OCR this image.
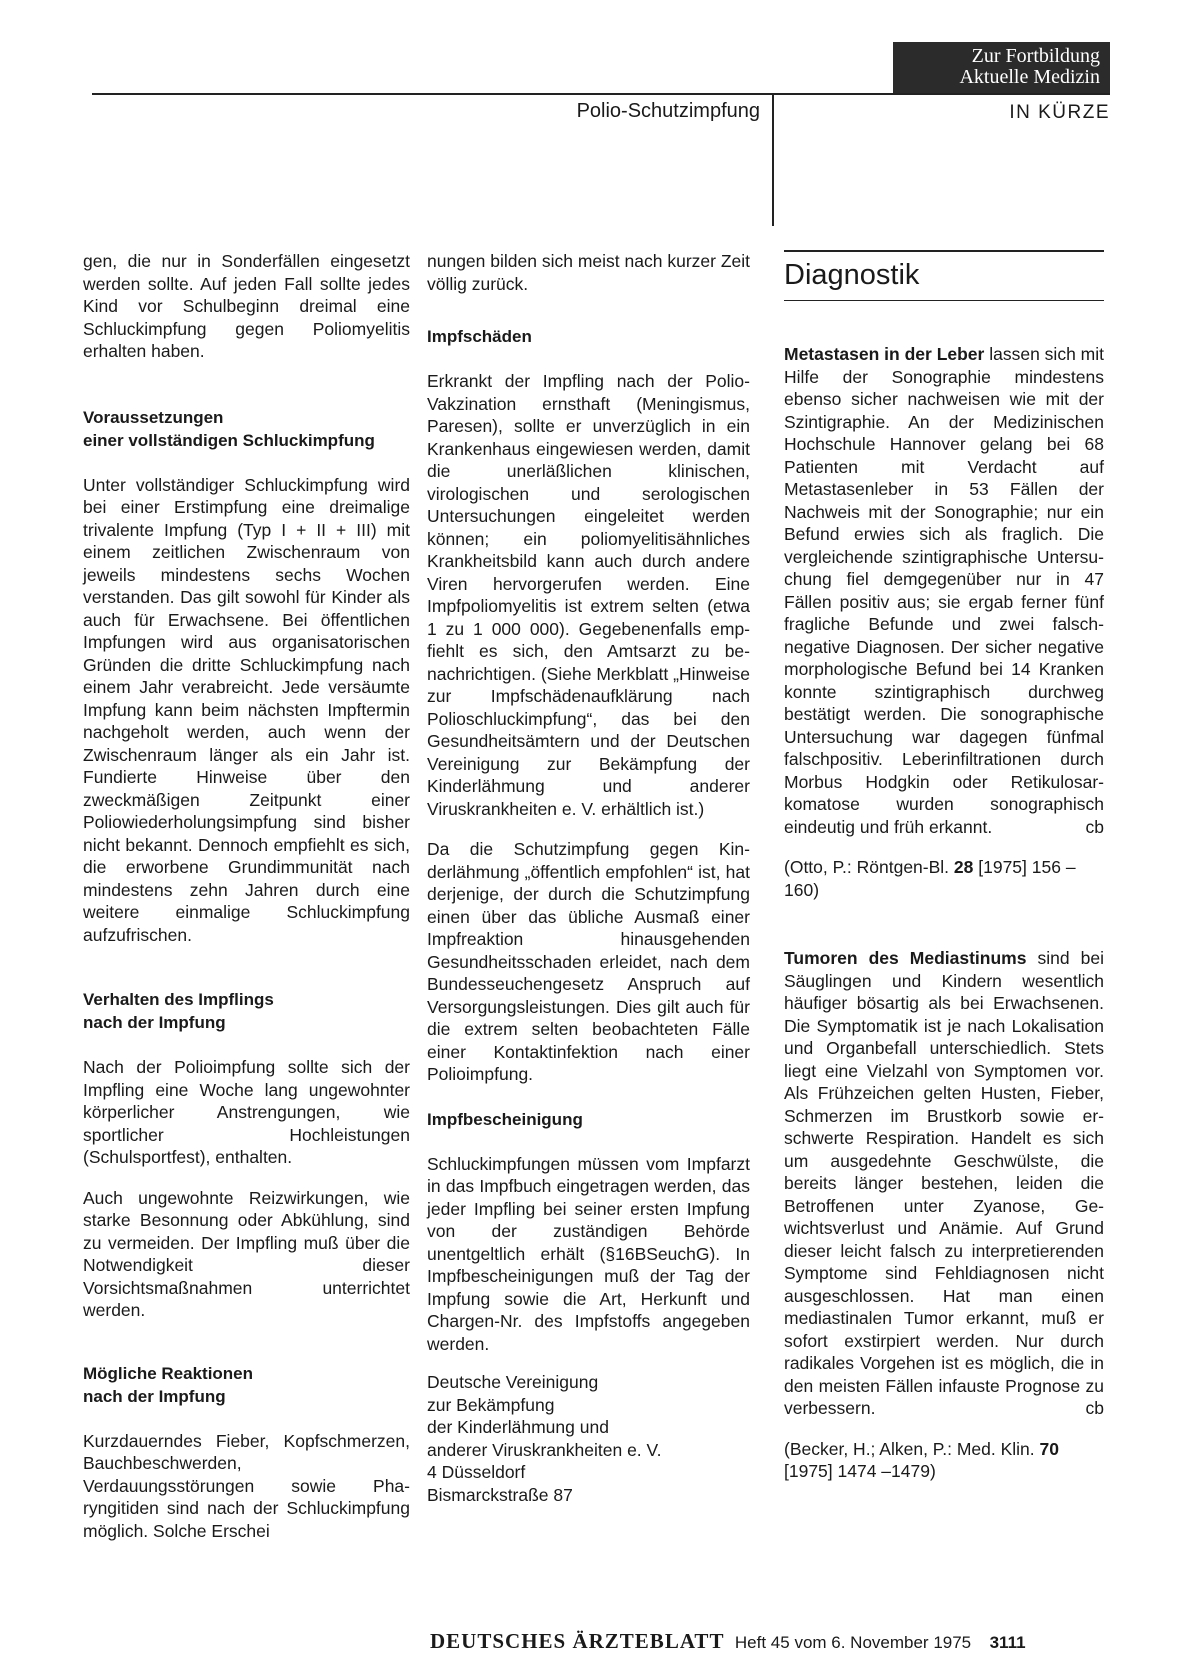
Zur Fortbildung
Aktuelle Medizin
Polio-Schutzimpfung	IN KÜRZE

gen, die nur in Sonderfällen eingesetzt werden sollte. Auf jeden Fall sollte jedes Kind vor Schulbeginn dreimal eine Schluckimpfung gegen Poliomyelitis erhalten haben.

Voraussetzungen
einer vollständigen Schluckimpfung

Unter vollständiger Schluckimpfung wird bei einer Erstimpfung eine dreimalige trivalente Impfung (Typ I + II + III) mit einem zeitlichen Zwischenraum von jeweils mindestens sechs Wochen verstanden. Das gilt sowohl für Kinder als auch für Erwachsene. Bei öffentlichen Impfungen wird aus organisatorischen Gründen die dritte Schluckimpfung nach einem Jahr verabreicht. Jede versäumte Impfung kann beim nächsten Impftermin nachgeholt werden, auch wenn der Zwischenraum länger als ein Jahr ist. Fundierte Hinweise über den zweckmäßigen Zeitpunkt einer Poliowiederholungsimpfung sind bisher nicht bekannt. Dennoch empfiehlt es sich, die erworbene Grundimmunität nach mindestens zehn Jahren durch eine weitere einmalige Schluckimpfung aufzufrischen.

Verhalten des Impflings
nach der Impfung

Nach der Polioimpfung sollte sich der Impfling eine Woche lang ungewohnter körperlicher Anstrengungen, wie sportlicher Hochleistungen (Schulsportfest), enthalten.

Auch ungewohnte Reizwirkungen, wie starke Besonnung oder Abkühlung, sind zu vermeiden. Der Impfling muß über die Notwendigkeit dieser Vorsichtsmaßnahmen unterrichtet werden.

Mögliche Reaktionen
nach der Impfung

Kurzdauerndes Fieber, Kopfschmerzen, Bauchbeschwerden, Verdauungsstörungen sowie Pharyngitiden sind nach der Schluckimpfung möglich. Solche Erschei

nungen bilden sich meist nach kurzer Zeit völlig zurück.

Impfschäden

Erkrankt der Impfling nach der Polio-Vakzination ernsthaft (Meningismus, Paresen), sollte er unverzüglich in ein Krankenhaus eingewiesen werden, damit die unerläßlichen klinischen, virologischen und serologischen Untersuchungen eingeleitet werden können; ein poliomyelitisähnliches Krankheitsbild kann auch durch andere Viren hervorgerufen werden. Eine Impfpoliomyelitis ist extrem selten (etwa 1 zu 1 000 000). Gegebenenfalls empfiehlt es sich, den Amtsarzt zu benachrichtigen. (Siehe Merkblatt „Hinweise zur Impfschädenaufklärung nach Polioschluckimpfung“, das bei den Gesundheitsämtern und der Deutschen Vereinigung zur Bekämpfung der Kinderlähmung und anderer Viruskrankheiten e. V. erhältlich ist.)

Da die Schutzimpfung gegen Kinderlähmung „öffentlich empfohlen“ ist, hat derjenige, der durch die Schutzimpfung einen über das übliche Ausmaß einer Impfreaktion hinausgehenden Gesundheitsschaden erleidet, nach dem Bundesseuchengesetz Anspruch auf Versorgungsleistungen. Dies gilt auch für die extrem selten beobachteten Fälle einer Kontaktinfektion nach einer Polioimpfung.

Impfbescheinigung

Schluckimpfungen müssen vom Impfarzt in das Impfbuch eingetragen werden, das jeder Impfling bei seiner ersten Impfung von der zuständigen Behörde unentgeltlich erhält (§16BSeuchG). In Impfbescheinigungen muß der Tag der Impfung sowie die Art, Herkunft und Chargen-Nr. des Impfstoffs angegeben werden.

Deutsche Vereinigung
zur Bekämpfung
der Kinderlähmung und
anderer Viruskrankheiten e. V.
4 Düsseldorf
Bismarckstraße 87

Diagnostik

Metastasen in der Leber lassen sich mit Hilfe der Sonographie mindestens ebenso sicher nachweisen wie mit der Szintigraphie. An der Medizinischen Hochschule Hannover gelang bei 68 Patienten mit Verdacht auf Metastasenleber in 53 Fällen der Nachweis mit der Sonographie; nur ein Befund erwies sich als fraglich. Die vergleichende szintigraphische Untersuchung fiel demgegenüber nur in 47 Fällen positiv aus; sie ergab ferner fünf fragliche Befunde und zwei falsch-negative Diagnosen. Der sicher negative morphologische Befund bei 14 Kranken konnte szintigraphisch durchweg bestätigt werden. Die sonographische Untersuchung war dagegen fünfmal falschpositiv. Leberinfiltrationen durch Morbus Hodgkin oder Retikulosarkomatose wurden sonographisch eindeutig und früh erkannt.	cb

(Otto, P.: Röntgen-Bl. 28 [1975] 156 –160)

Tumoren des Mediastinums sind bei Säuglingen und Kindern wesentlich häufiger bösartig als bei Erwachsenen. Die Symptomatik ist je nach Lokalisation und Organbefall unterschiedlich. Stets liegt eine Vielzahl von Symptomen vor. Als Frühzeichen gelten Husten, Fieber, Schmerzen im Brustkorb sowie erschwerte Respiration. Handelt es sich um ausgedehnte Geschwülste, die bereits länger bestehen, leiden die Betroffenen unter Zyanose, Gewichtsverlust und Anämie. Auf Grund dieser leicht falsch zu interpretierenden Symptome sind Fehldiagnosen nicht ausgeschlossen. Hat man einen mediastinalen Tumor erkannt, muß er sofort exstirpiert werden. Nur durch radikales Vorgehen ist es möglich, die in den meisten Fällen infauste Prognose zu verbessern.	cb

(Becker, H.; Alken, P.: Med. Klin. 70 [1975] 1474 –1479)

DEUTSCHES ÄRZTEBLATT Heft 45 vom 6. November 1975 3111
